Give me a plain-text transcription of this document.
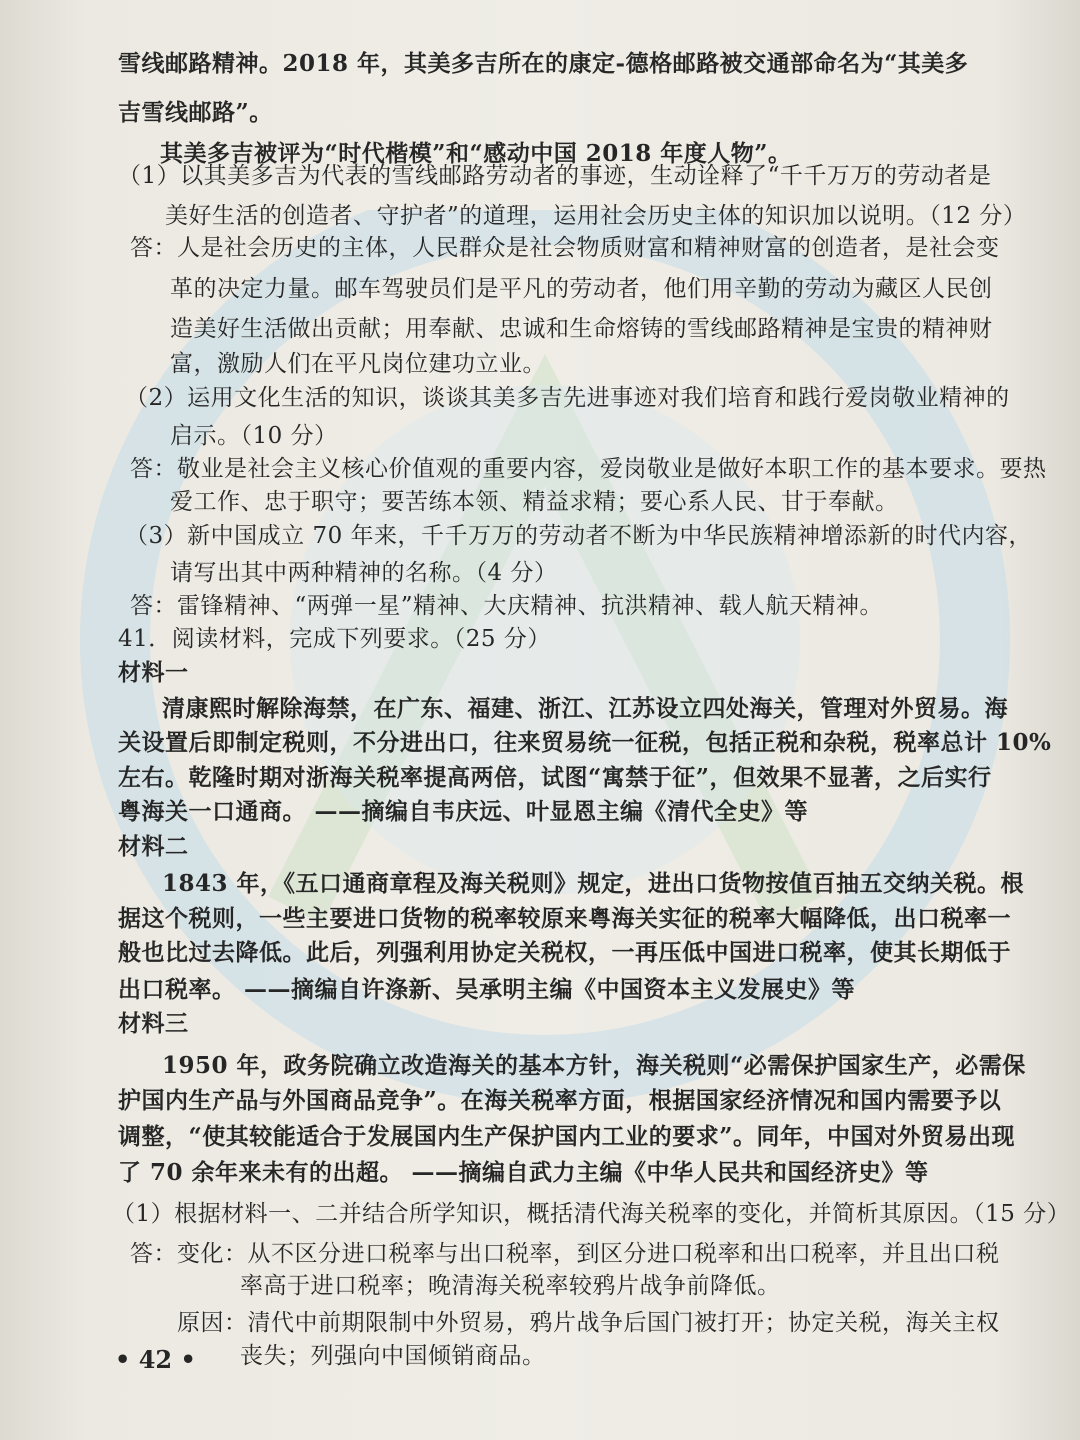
雪线邮路精神。2018 年，其美多吉所在的康定-德格邮路被交通部命名为“其美多
吉雪线邮路”。
其美多吉被评为“时代楷模”和“感动中国 2018 年度人物”。
（1）以其美多吉为代表的雪线邮路劳动者的事迹，生动诠释了“千千万万的劳动者是
美好生活的创造者、守护者”的道理，运用社会历史主体的知识加以说明。（12 分）
答：人是社会历史的主体，人民群众是社会物质财富和精神财富的创造者，是社会变
革的决定力量。邮车驾驶员们是平凡的劳动者，他们用辛勤的劳动为藏区人民创
造美好生活做出贡献；用奉献、忠诚和生命熔铸的雪线邮路精神是宝贵的精神财
富，激励人们在平凡岗位建功立业。
（2）运用文化生活的知识，谈谈其美多吉先进事迹对我们培育和践行爱岗敬业精神的
启示。（10 分）
答：敬业是社会主义核心价值观的重要内容，爱岗敬业是做好本职工作的基本要求。要热
爱工作、忠于职守；要苦练本领、精益求精；要心系人民、甘于奉献。
（3）新中国成立 70 年来，千千万万的劳动者不断为中华民族精神增添新的时代内容，
请写出其中两种精神的名称。（4 分）
答：雷锋精神、“两弹一星”精神、大庆精神、抗洪精神、载人航天精神。
41．阅读材料，完成下列要求。（25 分）
材料一
清康熙时解除海禁，在广东、福建、浙江、江苏设立四处海关，管理对外贸易。海
关设置后即制定税则，不分进出口，往来贸易统一征税，包括正税和杂税，税率总计 10%
左右。乾隆时期对浙海关税率提高两倍，试图“寓禁于征”，但效果不显著，之后实行
粤海关一口通商。 ——摘编自韦庆远、叶显恩主编《清代全史》等
材料二
1843 年，《五口通商章程及海关税则》规定，进出口货物按值百抽五交纳关税。根
据这个税则，一些主要进口货物的税率较原来粤海关实征的税率大幅降低，出口税率一
般也比过去降低。此后，列强利用协定关税权，一再压低中国进口税率，使其长期低于
出口税率。 ——摘编自许涤新、吴承明主编《中国资本主义发展史》等
材料三
1950 年，政务院确立改造海关的基本方针，海关税则“必需保护国家生产，必需保
护国内生产品与外国商品竞争”。在海关税率方面，根据国家经济情况和国内需要予以
调整，“使其较能适合于发展国内生产保护国内工业的要求”。同年，中国对外贸易出现
了 70 余年来未有的出超。 ——摘编自武力主编《中华人民共和国经济史》等
（1）根据材料一、二并结合所学知识，概括清代海关税率的变化，并简析其原因。（15 分）
答：变化：从不区分进口税率与出口税率，到区分进口税率和出口税率，并且出口税
率高于进口税率；晚清海关税率较鸦片战争前降低。
原因：清代中前期限制中外贸易，鸦片战争后国门被打开；协定关税，海关主权
丧失；列强向中国倾销商品。
• 42 •
